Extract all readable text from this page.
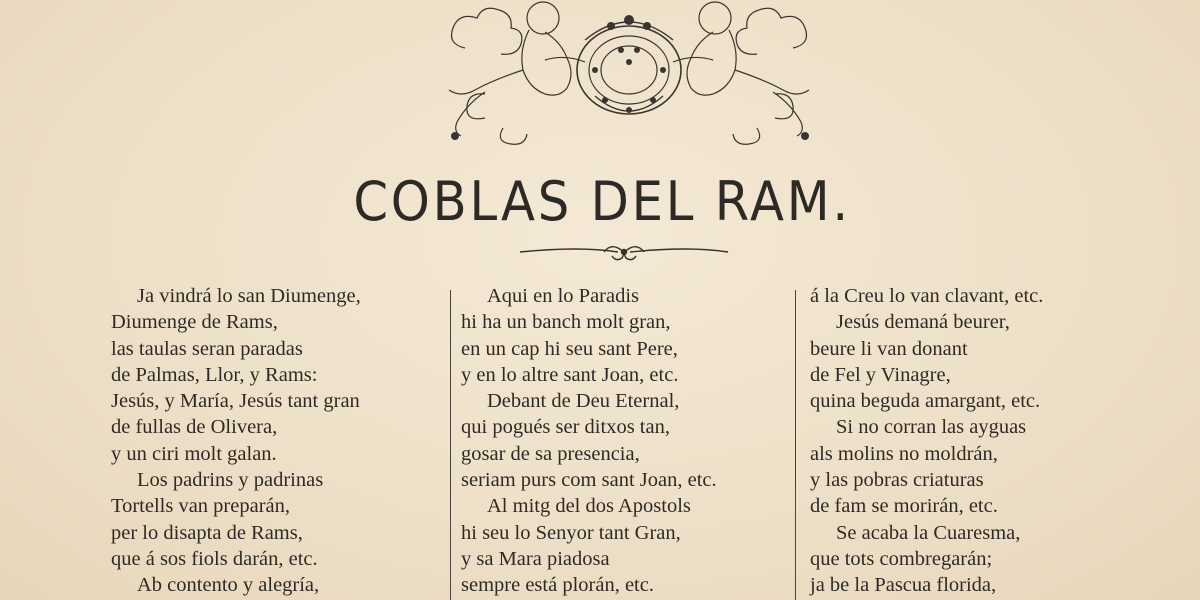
COBLAS DEL RAM.
Ja vindrá lo san Diumenge,
Diumenge de Rams,
las taulas seran paradas
de Palmas, Llor, y Rams:
Jesús, y María, Jesús tant gran
de fullas de Olivera,
y un ciri molt galan.
Los padrins y padrinas
Tortells van preparán,
per lo disapta de Rams,
que á sos fiols darán, etc.
Ab contento y alegría,
Aqui en lo Paradis
hi ha un banch molt gran,
en un cap hi seu sant Pere,
y en lo altre sant Joan, etc.
Debant de Deu Eternal,
qui pogués ser ditxos tan,
gosar de sa presencia,
seriam purs com sant Joan, etc.
Al mitg del dos Apostols
hi seu lo Senyor tant Gran,
y sa Mara piadosa
sempre está plorán, etc.
á la Creu lo van clavant, etc.
Jesús demaná beurer,
beure li van donant
de Fel y Vinagre,
quina beguda amargant, etc.
Si no corran las ayguas
als molins no moldrán,
y las pobras criaturas
de fam se morirán, etc.
Se acaba la Cuaresma,
que tots combregarán;
ja be la Pascua florida,
